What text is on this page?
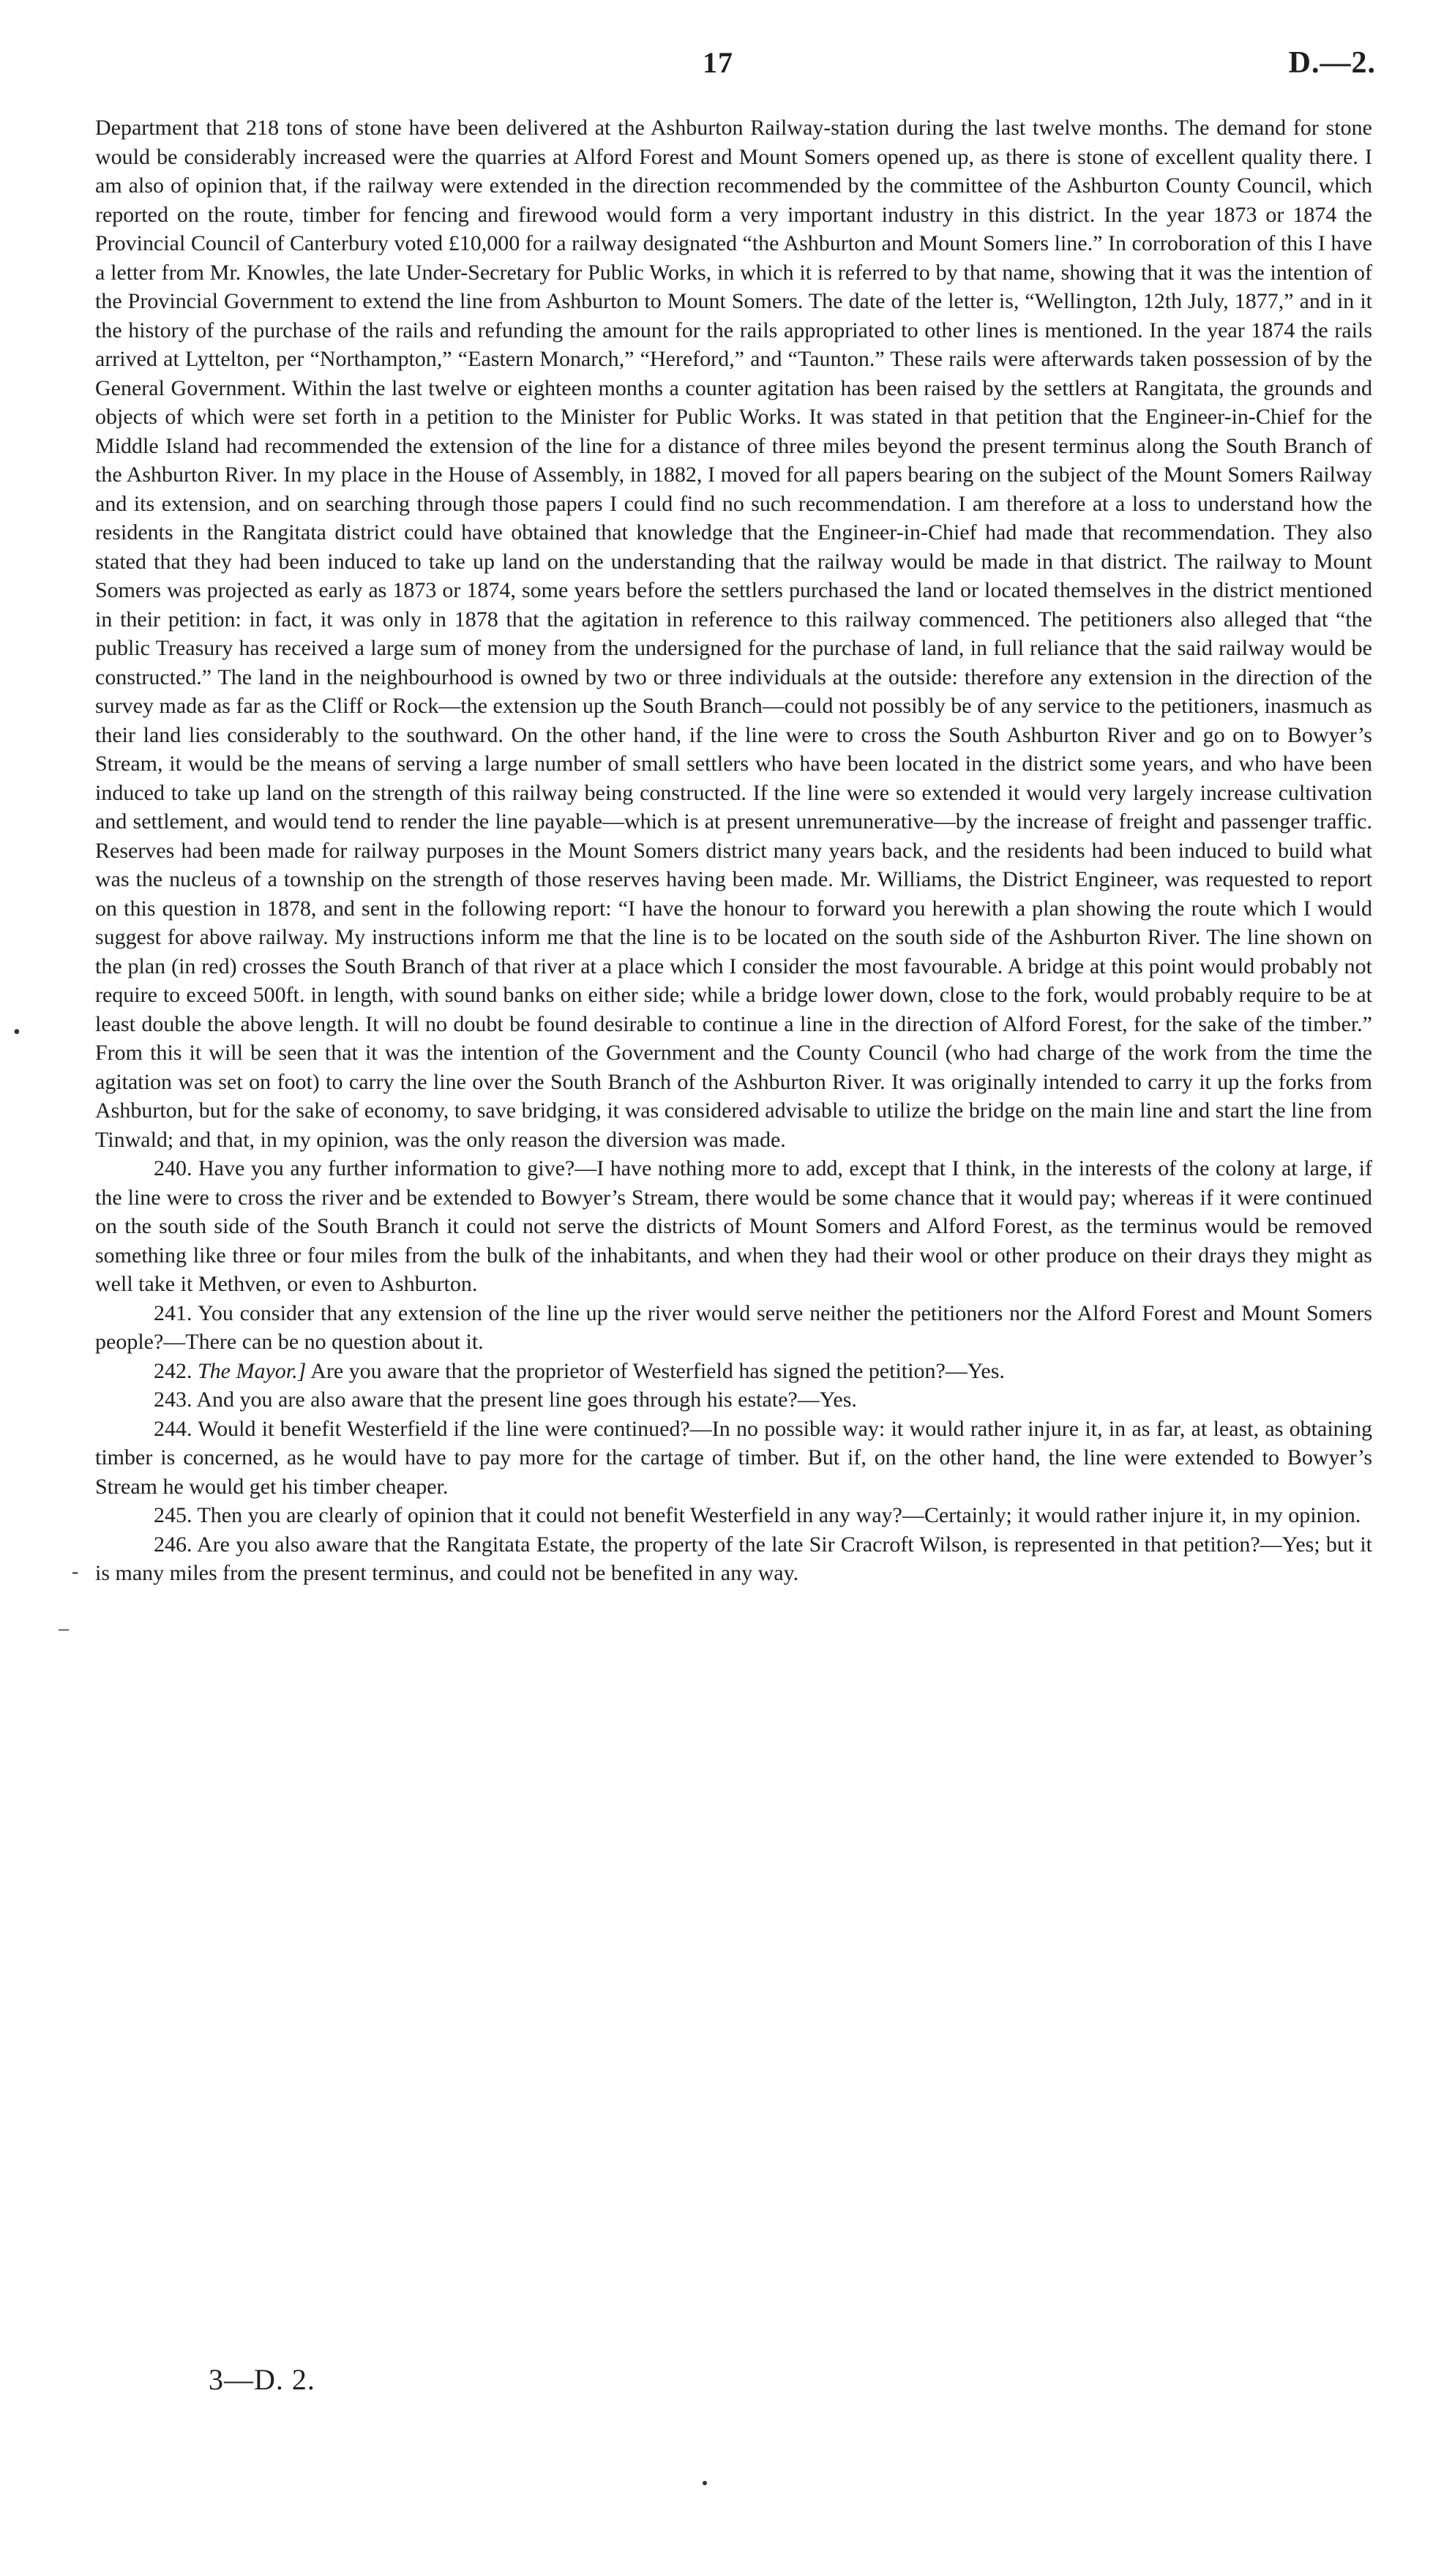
17	D.—2.

Department that 218 tons of stone have been delivered at the Ashburton Railway-station during the last twelve months. The demand for stone would be considerably increased were the quarries at Alford Forest and Mount Somers opened up, as there is stone of excellent quality there. I am also of opinion that, if the railway were extended in the direction recommended by the committee of the Ashburton County Council, which reported on the route, timber for fencing and firewood would form a very important industry in this district. In the year 1873 or 1874 the Provincial Council of Canterbury voted £10,000 for a railway designated “the Ashburton and Mount Somers line.” In corroboration of this I have a letter from Mr. Knowles, the late Under-Secretary for Public Works, in which it is referred to by that name, showing that it was the intention of the Provincial Government to extend the line from Ashburton to Mount Somers. The date of the letter is, “Wellington, 12th July, 1877,” and in it the history of the purchase of the rails and refunding the amount for the rails appropriated to other lines is mentioned. In the year 1874 the rails arrived at Lyttelton, per “Northampton,” “Eastern Monarch,” “Hereford,” and “Taunton.” These rails were afterwards taken possession of by the General Government. Within the last twelve or eighteen months a counter agitation has been raised by the settlers at Rangitata, the grounds and objects of which were set forth in a petition to the Minister for Public Works. It was stated in that petition that the Engineer-in-Chief for the Middle Island had recommended the extension of the line for a distance of three miles beyond the present terminus along the South Branch of the Ashburton River. In my place in the House of Assembly, in 1882, I moved for all papers bearing on the subject of the Mount Somers Railway and its extension, and on searching through those papers I could find no such recommendation. I am therefore at a loss to understand how the residents in the Rangitata district could have obtained that knowledge that the Engineer-in-Chief had made that recommendation. They also stated that they had been induced to take up land on the understanding that the railway would be made in that district. The railway to Mount Somers was projected as early as 1873 or 1874, some years before the settlers purchased the land or located themselves in the district mentioned in their petition: in fact, it was only in 1878 that the agitation in reference to this railway commenced. The petitioners also alleged that “the public Treasury has received a large sum of money from the undersigned for the purchase of land, in full reliance that the said railway would be constructed.” The land in the neighbourhood is owned by two or three individuals at the outside: therefore any extension in the direction of the survey made as far as the Cliff or Rock—the extension up the South Branch—could not possibly be of any service to the petitioners, inasmuch as their land lies considerably to the southward. On the other hand, if the line were to cross the South Ashburton River and go on to Bowyer’s Stream, it would be the means of serving a large number of small settlers who have been located in the district some years, and who have been induced to take up land on the strength of this railway being constructed. If the line were so extended it would very largely increase cultivation and settlement, and would tend to render the line payable—which is at present unremunerative—by the increase of freight and passenger traffic. Reserves had been made for railway purposes in the Mount Somers district many years back, and the residents had been induced to build what was the nucleus of a township on the strength of those reserves having been made. Mr. Williams, the District Engineer, was requested to report on this question in 1878, and sent in the following report: “I have the honour to forward you herewith a plan showing the route which I would suggest for above railway. My instructions inform me that the line is to be located on the south side of the Ashburton River. The line shown on the plan (in red) crosses the South Branch of that river at a place which I consider the most favourable. A bridge at this point would probably not require to exceed 500ft. in length, with sound banks on either side; while a bridge lower down, close to the fork, would probably require to be at least double the above length. It will no doubt be found desirable to continue a line in the direction of Alford Forest, for the sake of the timber.” From this it will be seen that it was the intention of the Government and the County Council (who had charge of the work from the time the agitation was set on foot) to carry the line over the South Branch of the Ashburton River. It was originally intended to carry it up the forks from Ashburton, but for the sake of economy, to save bridging, it was considered advisable to utilize the bridge on the main line and start the line from Tinwald; and that, in my opinion, was the only reason the diversion was made.

240. Have you any further information to give?—I have nothing more to add, except that I think, in the interests of the colony at large, if the line were to cross the river and be extended to Bowyer’s Stream, there would be some chance that it would pay; whereas if it were continued on the south side of the South Branch it could not serve the districts of Mount Somers and Alford Forest, as the terminus would be removed something like three or four miles from the bulk of the inhabitants, and when they had their wool or other produce on their drays they might as well take it Methven, or even to Ashburton.

241. You consider that any extension of the line up the river would serve neither the petitioners nor the Alford Forest and Mount Somers people?—There can be no question about it.

242. The Mayor.] Are you aware that the proprietor of Westerfield has signed the petition?—Yes.

243. And you are also aware that the present line goes through his estate?—Yes.

244. Would it benefit Westerfield if the line were continued?—In no possible way: it would rather injure it, in as far, at least, as obtaining timber is concerned, as he would have to pay more for the cartage of timber. But if, on the other hand, the line were extended to Bowyer’s Stream he would get his timber cheaper.

245. Then you are clearly of opinion that it could not benefit Westerfield in any way?—Certainly; it would rather injure it, in my opinion.

246. Are you also aware that the Rangitata Estate, the property of the late Sir Cracroft Wilson, is represented in that petition?—Yes; but it is many miles from the present terminus, and could not be benefited in any way.

•
-
–
3—D. 2.
